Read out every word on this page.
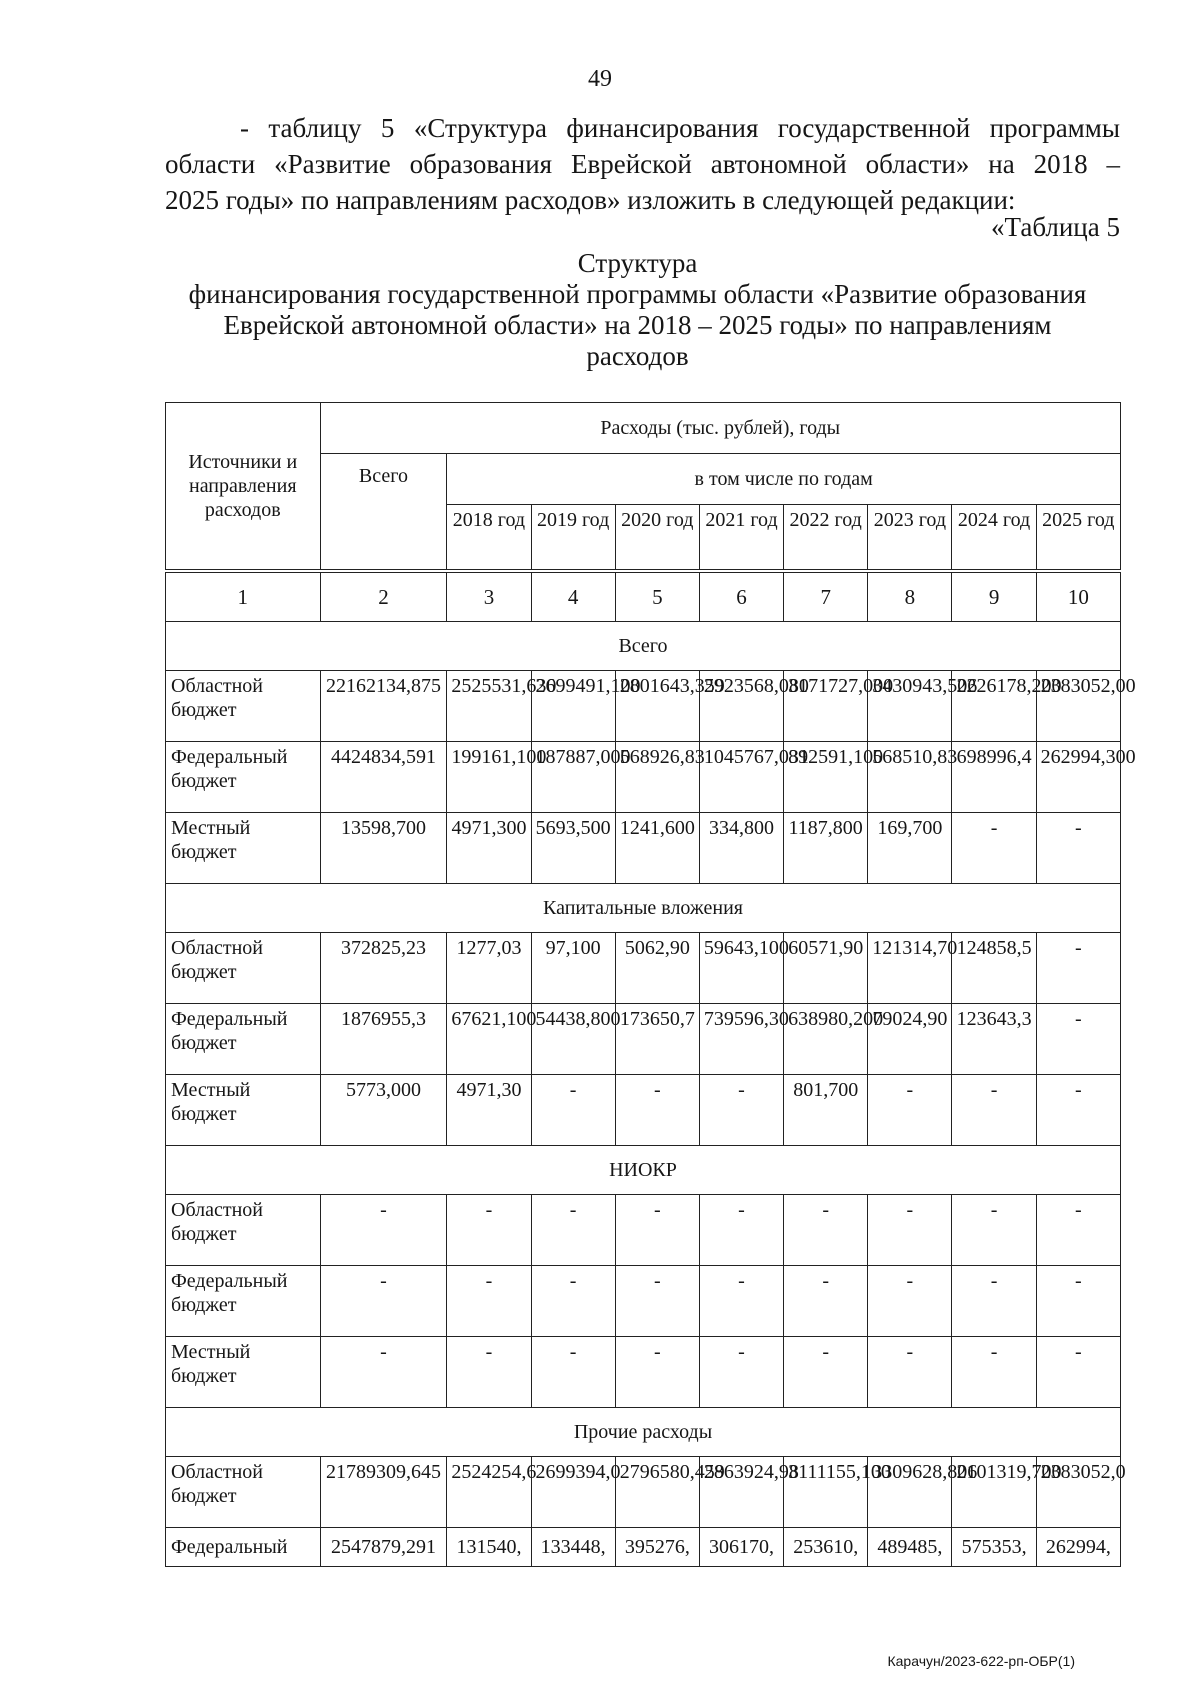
49
- таблицу 5 «Структура финансирования государственной программы
области «Развитие образования Еврейской автономной области» на 2018 –
2025 годы» по направлениям расходов» изложить в следующей редакции:
«Таблица 5
Структура
финансирования государственной программы области «Развитие образования
Еврейской автономной области» на 2018 – 2025 годы» по направлениям
расходов
Источники и направления расходов	Расходы (тыс. рублей), годы								
	Всего	в том числе по годам							
		2018 год	2019 год	2020 год	2021 год	2022 год	2023 год	2024 год	2025 год

1	2	3	4	5	6	7	8	9	10
Всего									
Областной бюджет	22162134,875	2525531,630	2699491,100	2801643,359	2923568,080	3171727,000	3430943,506	2226178,200	2383052,00
Федеральный бюджет	4424834,591	199161,100	187887,000	568926,83	1045767,031	892591,100	568510,83	698996,4	262994,300
Местный бюджет	13598,700	4971,300	5693,500	1241,600	334,800	1187,800	169,700	-	-
Капитальные вложения									
Областной бюджет	372825,23	1277,03	97,100	5062,90	59643,100	60571,90	121314,70	124858,5	-
Федеральный бюджет	1876955,3	67621,100	54438,800	173650,7	739596,30	638980,200	79024,90	123643,3	-
Местный бюджет	5773,000	4971,30	-	-	-	801,700	-	-	-
НИОКР									
Областной бюджет	-	-	-	-	-	-	-	-	-
Федеральный бюджет	-	-	-	-	-	-	-	-	-
Местный бюджет	-	-	-	-	-	-	-	-	-
Прочие расходы									
Областной бюджет	21789309,645	2524254,6	2699394,0	2796580,459	2863924,98	3111155,100	3309628,806	2101319,700	2383052,0
Федеральный	2547879,291	131540,	133448,	395276,	306170,	253610,	489485,	575353,	262994,
Карачун/2023-622-рп-ОБР(1)
